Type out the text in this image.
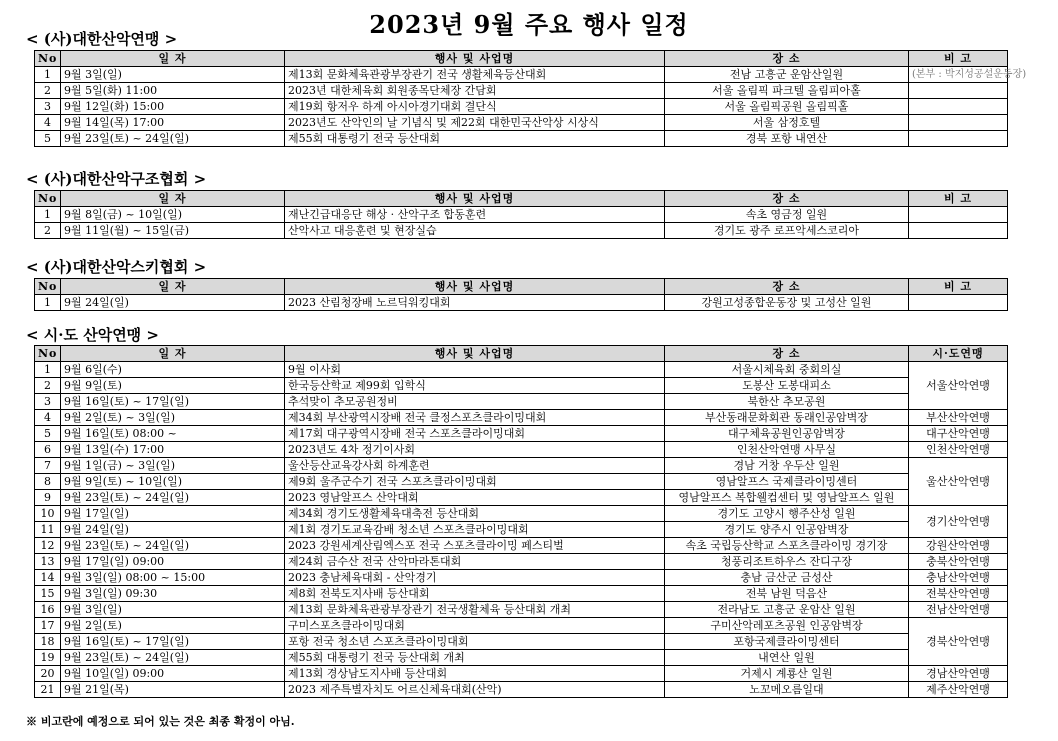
2023년 9월 주요 행사 일정
< (사)대한산악연맹 >
No	일 자	행사 및 사업명	장 소	비 고
1	9월 3일(일)	제13회 문화체육관광부장관기 전국 생활체육등산대회	전남 고흥군 운암산일원	(본부 : 박지성공설운동장)
2	9월 5일(화) 11:00	2023년 대한체육회 회원종목단체장 간담회	서울 올림픽 파크텔 올림피아홀	
3	9월 12일(화) 15:00	제19회 항저우 하계 아시아경기대회 결단식	서울 올림픽공원 올림픽홀	
4	9월 14일(목) 17:00	2023년도 산악인의 날 기념식 및 제22회 대한민국산악상 시상식	서울 삼정호텔	
5	9월 23일(토) ~ 24일(일)	제55회 대통령기 전국 등산대회	경북 포항 내연산	
< (사)대한산악구조협회 >
No	일 자	행사 및 사업명	장 소	비 고
1	9월 8일(금) ~ 10일(일)	재난긴급대응단 해상 · 산악구조 합동훈련	속초 영금정 일원	
2	9월 11일(월) ~ 15일(금)	산악사고 대응훈련 및 현장실습	경기도 광주 로프악세스코리아	
< (사)대한산악스키협회 >
No	일 자	행사 및 사업명	장 소	비 고
1	9월 24일(일)	2023 산림청장배 노르딕워킹대회	강원고성종합운동장 및 고성산 일원	
< 시·도 산악연맹 >
No	일 자	행사 및 사업명	장 소	시·도연맹
1	9월 6일(수)	9월 이사회	서울시체육회 중회의실	서울산악연맹
2	9월 9일(토)	한국등산학교 제99회 입학식	도봉산 도봉대피소	
3	9월 16일(토) ~ 17일(일)	추석맞이 추모공원정비	북한산 추모공원	
4	9월 2일(토) ~ 3일(일)	제34회 부산광역시장배 전국 클정스포츠클라이밍대회	부산동래문화회관 동래인공암벽장	부산산악연맹
5	9월 16일(토) 08:00 ~	제17회 대구광역시장배 전국 스포츠클라이밍대회	대구체육공원인공암벽장	대구산악연맹
6	9월 13일(수) 17:00	2023년도 4차 정기이사회	인천산악연맹 사무실	인천산악연맹
7	9월 1일(금) ~ 3일(일)	울산등산교육강사회 하계훈련	경남 거창 우두산 일원	울산산악연맹
8	9월 9일(토) ~ 10일(일)	제9회 울주군수기 전국 스포츠클라이밍대회	영남알프스 국제클라이밍센터	
9	9월 23일(토) ~ 24일(일)	2023 영남알프스 산악대회	영남알프스 복합웰컴센터 및 영남알프스 일원	
10	9월 17일(일)	제34회 경기도생활체육대축전 등산대회	경기도 고양시 행주산성 일원	경기산악연맹
11	9월 24일(일)	제1회 경기도교육감배 청소년 스포츠클라이밍대회	경기도 양주시 인공암벽장	
12	9월 23일(토) ~ 24일(일)	2023 강원세계산림엑스포 전국 스포츠클라이밍 페스티벌	속초 국립등산학교 스포츠클라이밍 경기장	강원산악연맹
13	9월 17일(일) 09:00	제24회 금수산 전국 산악마라톤대회	청풍리조트하우스 잔디구장	충북산악연맹
14	9월 3일(일) 08:00 ~ 15:00	2023 충남체육대회 - 산악경기	충남 금산군 금성산	충남산악연맹
15	9월 3일(일) 09:30	제8회 전북도지사배 등산대회	전북 남원 덕음산	전북산악연맹
16	9월 3일(일)	제13회 문화체육관광부장관기 전국생활체육 등산대회 개최	전라남도 고흥군 운암산 일원	전남산악연맹
17	9월 2일(토)	구미스포츠클라이밍대회	구미산악레포츠공원 인공암벽장	경북산악연맹
18	9월 16일(토) ~ 17일(일)	포항 전국 청소년 스포츠클라이밍대회	포항국제클라이밍센터	
19	9월 23일(토) ~ 24일(일)	제55회 대통령기 전국 등산대회 개최	내연산 일원	
20	9월 10일(일) 09:00	제13회 경상남도지사배 등산대회	거제시 계룡산 일원	경남산악연맹
21	9월 21일(목)	2023 제주특별자치도 어르신체육대회(산악)	노꼬메오름일대	제주산악연맹
※ 비고란에 예정으로 되어 있는 것은 최종 확정이 아님.
